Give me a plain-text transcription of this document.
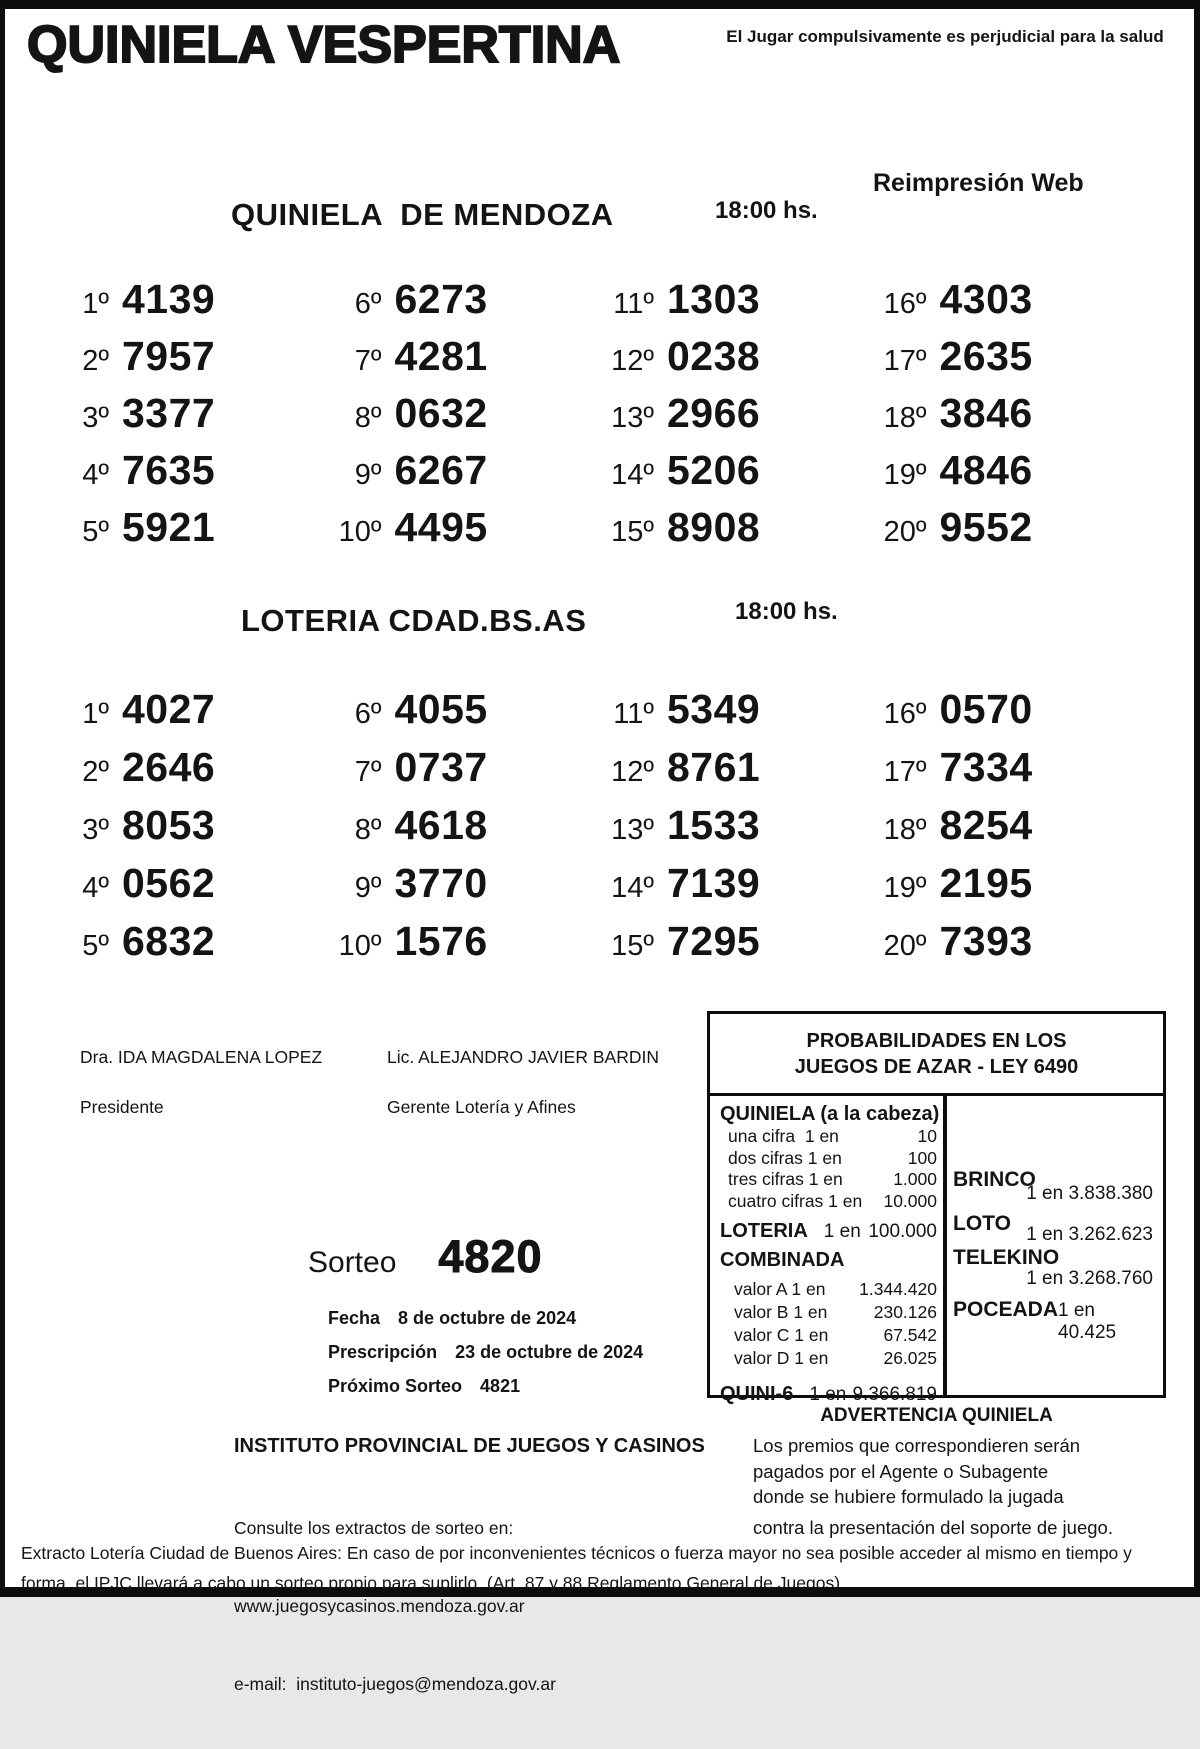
QUINIELA VESPERTINA	El Jugar compulsivamente es perjudicial para la salud
Reimpresión Web
QUINIELA  DE MENDOZA	18:00 hs.
1º 4139
2º 7957
3º 3377
4º 7635
5º 5921
6º 6273
7º 4281
8º 0632
9º 6267
10º 4495
11º 1303
12º 0238
13º 2966
14º 5206
15º 8908
16º 4303
17º 2635
18º 3846
19º 4846
20º 9552
LOTERIA CDAD.BS.AS	18:00 hs.
1º 4027
2º 2646
3º 8053
4º 0562
5º 6832
6º 4055
7º 0737
8º 4618
9º 3770
10º 1576
11º 5349
12º 8761
13º 1533
14º 7139
15º 7295
16º 0570
17º 7334
18º 8254
19º 2195
20º 7393
Dra. IDA MAGDALENA LOPEZ
Presidente
Lic. ALEJANDRO JAVIER BARDIN
Gerente Lotería y Afines
Sorteo 4820

Fecha 8 de octubre de 2024

Prescripción 23 de octubre de 2024

Próximo Sorteo 4821

PROBABILIDADES EN LOS
JUEGOS DE AZAR - LEY 6490
QUINIELA (a la cabeza)
una cifra  1 en	10
dos cifras 1 en	100
tres cifras 1 en	1.000
cuatro cifras 1 en 10.000
LOTERIA 1 en 100.000
COMBINADA
valor A 1 en 1.344.420
valor B 1 en	230.126
valor C 1 en	67.542
valor D 1 en	26.025
QUINI-6 1 en 9.366.819
BRINCO
1 en 3.838.380
LOTO 1 en 3.262.623
TELEKINO
1 en 3.268.760
POCEADA 1 en 40.425
ADVERTENCIA QUINIELA
Los premios que correspondieren serán
pagados por el Agente o Subagente
donde se hubiere formulado la jugada
contra la presentación del soporte de juego.
INSTITUTO PROVINCIAL DE JUEGOS Y CASINOS

Consulte los extractos de sorteo en:

www.juegosycasinos.mendoza.gov.ar

e-mail:  instituto-juegos@mendoza.gov.ar

Extracto Lotería Ciudad de Buenos Aires: En caso de por inconvenientes técnicos o fuerza mayor no sea posible acceder al mismo en tiempo y forma, el IPJC llevará a cabo un sorteo propio para suplirlo. (Art. 87 y 88 Reglamento General de Juegos)
